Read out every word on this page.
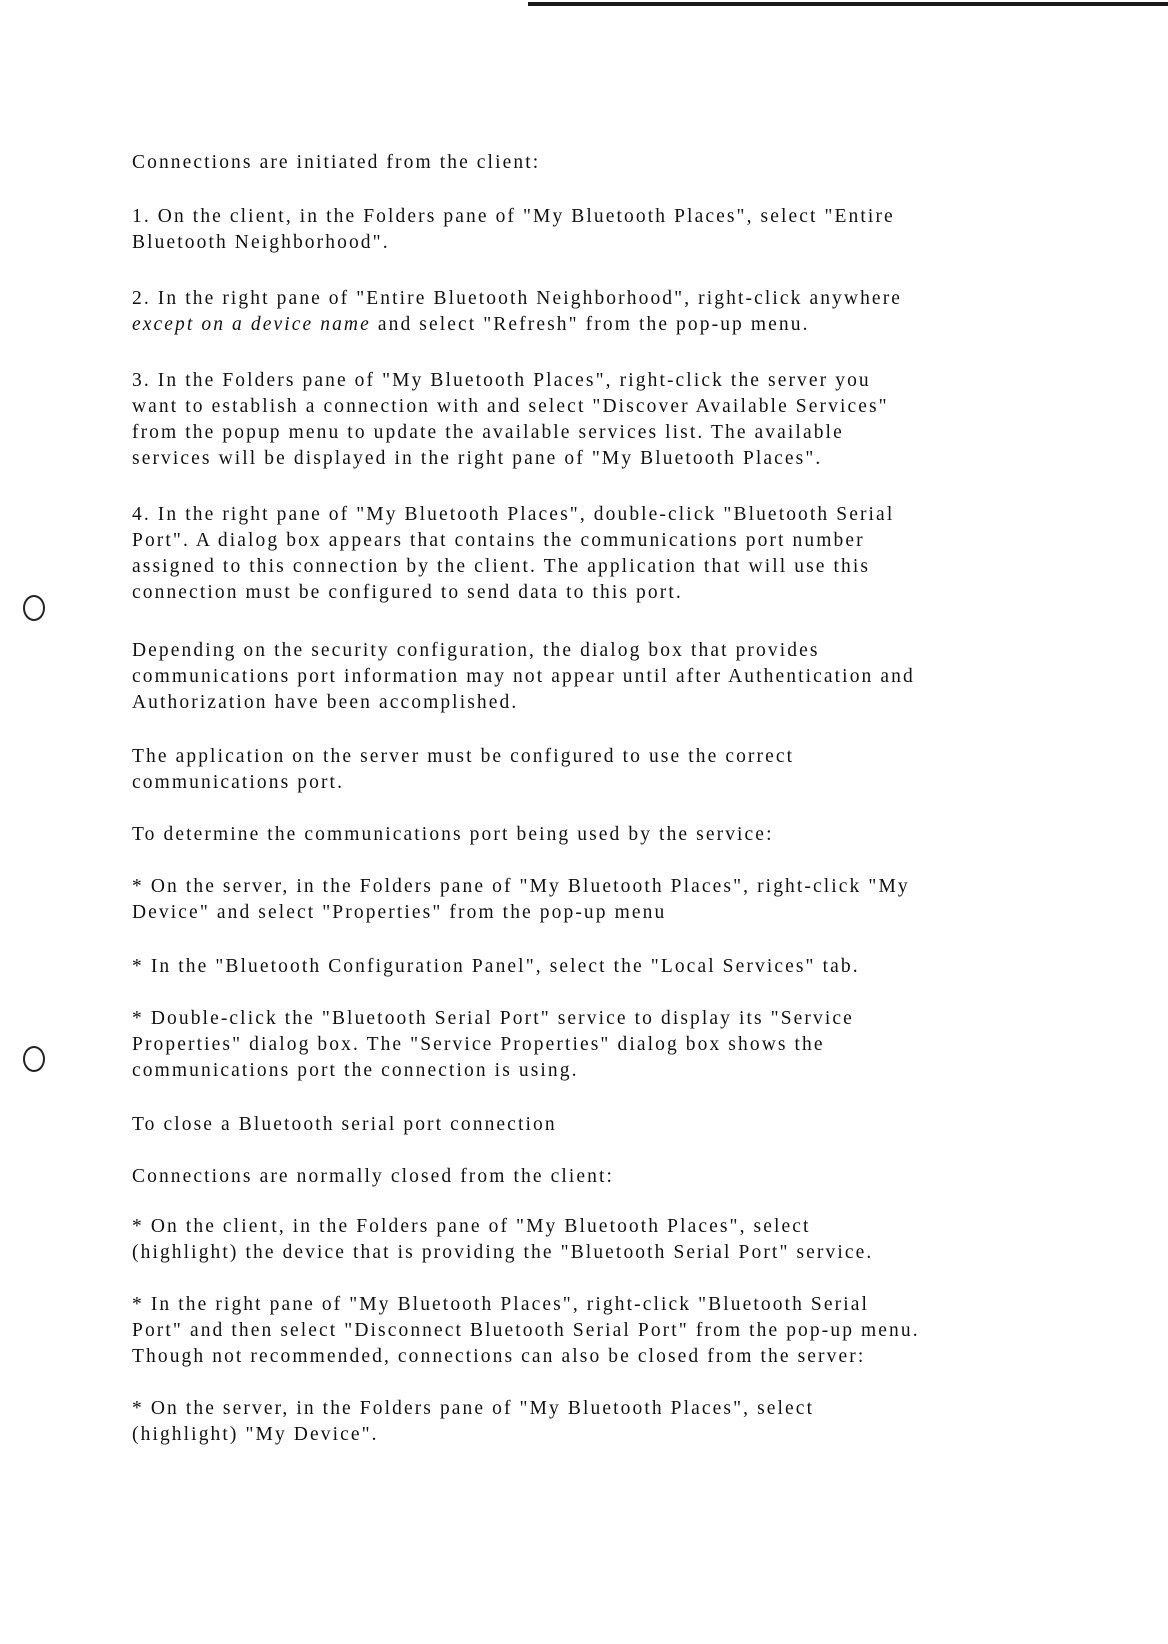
Connections are initiated from the client:
1. On the client, in the Folders pane of "My Bluetooth Places", select "Entire
Bluetooth Neighborhood".
2. In the right pane of "Entire Bluetooth Neighborhood", right-click anywhere
except on a device name and select "Refresh" from the pop-up menu.
3. In the Folders pane of "My Bluetooth Places", right-click the server you
want to establish a connection with and select "Discover Available Services"
from the popup menu to update the available services list. The available
services will be displayed in the right pane of "My Bluetooth Places".
4. In the right pane of "My Bluetooth Places", double-click "Bluetooth Serial
Port". A dialog box appears that contains the communications port number
assigned to this connection by the client. The application that will use this
connection must be configured to send data to this port.
Depending on the security configuration, the dialog box that provides
communications port information may not appear until after Authentication and
Authorization have been accomplished.
The application on the server must be configured to use the correct
communications port.
To determine the communications port being used by the service:
* On the server, in the Folders pane of "My Bluetooth Places", right-click "My
Device" and select "Properties" from the pop-up menu
* In the "Bluetooth Configuration Panel", select the "Local Services" tab.
* Double-click the "Bluetooth Serial Port" service to display its "Service
Properties" dialog box. The "Service Properties" dialog box shows the
communications port the connection is using.
To close a Bluetooth serial port connection
Connections are normally closed from the client:
* On the client, in the Folders pane of "My Bluetooth Places", select
(highlight) the device that is providing the "Bluetooth Serial Port" service.
* In the right pane of "My Bluetooth Places", right-click "Bluetooth Serial
Port" and then select "Disconnect Bluetooth Serial Port" from the pop-up menu.
Though not recommended, connections can also be closed from the server:
* On the server, in the Folders pane of "My Bluetooth Places", select
(highlight) "My Device".
